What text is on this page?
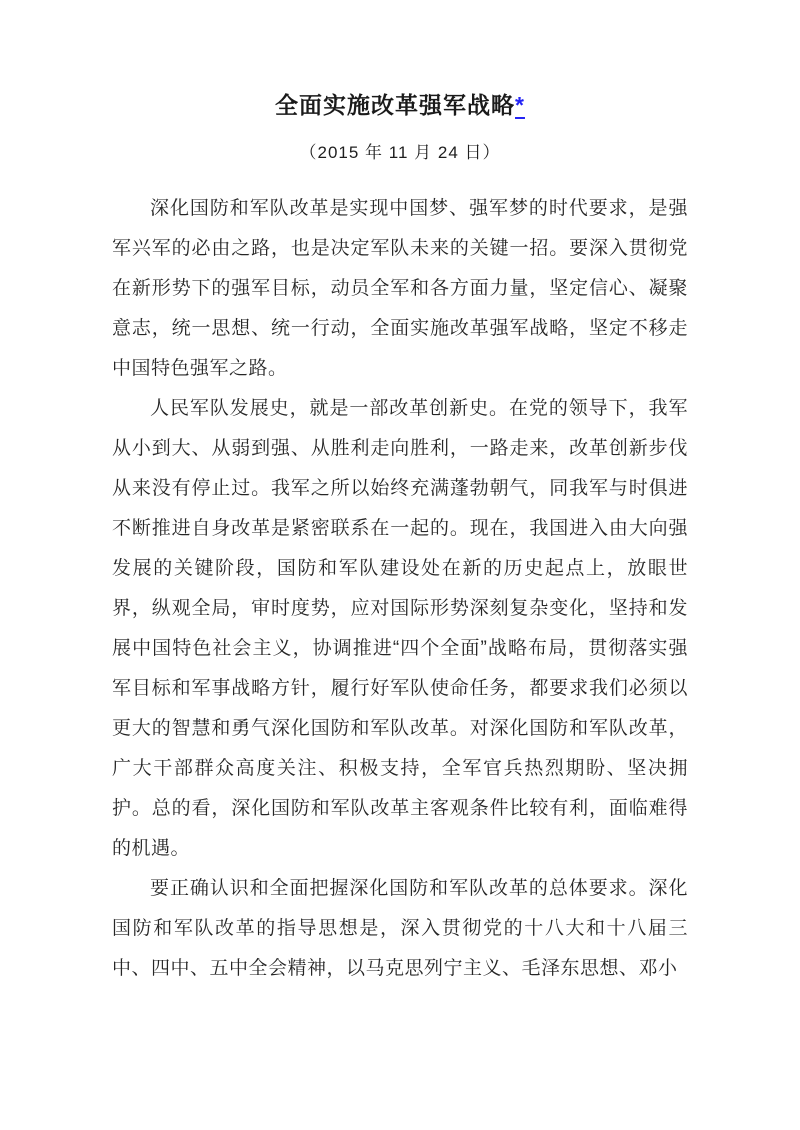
全面实施改革强军战略*
（2015 年 11 月 24 日）

深化国防和军队改革是实现中国梦、强军梦的时代要求，是强军兴军的必由之路，也是决定军队未来的关键一招。要深入贯彻党在新形势下的强军目标，动员全军和各方面力量，坚定信心、凝聚意志，统一思想、统一行动，全面实施改革强军战略，坚定不移走中国特色强军之路。

人民军队发展史，就是一部改革创新史。在党的领导下，我军从小到大、从弱到强、从胜利走向胜利，一路走来，改革创新步伐从来没有停止过。我军之所以始终充满蓬勃朝气，同我军与时俱进不断推进自身改革是紧密联系在一起的。现在，我国进入由大向强发展的关键阶段，国防和军队建设处在新的历史起点上，放眼世界，纵观全局，审时度势，应对国际形势深刻复杂变化，坚持和发展中国特色社会主义，协调推进“四个全面”战略布局，贯彻落实强军目标和军事战略方针，履行好军队使命任务，都要求我们必须以更大的智慧和勇气深化国防和军队改革。对深化国防和军队改革，广大干部群众高度关注、积极支持，全军官兵热烈期盼、坚决拥护。总的看，深化国防和军队改革主客观条件比较有利，面临难得的机遇。

要正确认识和全面把握深化国防和军队改革的总体要求。深化国防和军队改革的指导思想是，深入贯彻党的十八大和十八届三中、四中、五中全会精神，以马克思列宁主义、毛泽东思想、邓小
